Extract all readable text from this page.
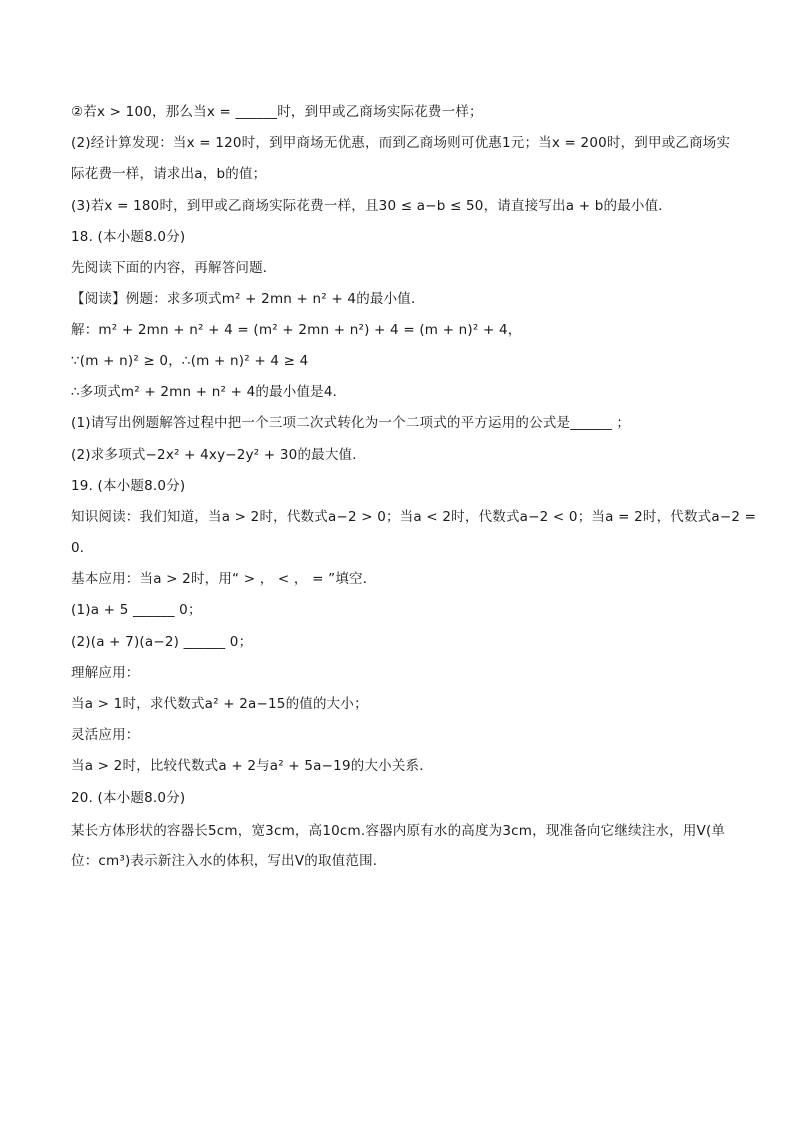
②若x > 100，那么当x = ______时，到甲或乙商场实际花费一样；
(2)经计算发现：当x = 120时，到甲商场无优惠，而到乙商场则可优惠1元；当x = 200时，到甲或乙商场实
际花费一样，请求出a，b的值；
(3)若x = 180时，到甲或乙商场实际花费一样，且30 ≤ a−b ≤ 50，请直接写出a + b的最小值．
18. (本小题8.0分)
先阅读下面的内容，再解答问题．
【阅读】例题：求多项式m² + 2mn + n² + 4的最小值．
解：m² + 2mn + n² + 4 = (m² + 2mn + n²) + 4 = (m + n)² + 4，
∵(m + n)² ≥ 0，∴(m + n)² + 4 ≥ 4
∴多项式m² + 2mn + n² + 4的最小值是4．
(1)请写出例题解答过程中把一个三项二次式转化为一个二项式的平方运用的公式是______ ；
(2)求多项式−2x² + 4xy−2y² + 30的最大值．
19. (本小题8.0分)
知识阅读：我们知道，当a > 2时，代数式a−2 > 0；当a < 2时，代数式a−2 < 0；当a = 2时，代数式a−2 =
0．
基本应用：当a > 2时，用“ > ， < ， = ”填空．
(1)a + 5 ______ 0；
(2)(a + 7)(a−2) ______ 0；
理解应用：
当a > 1时，求代数式a² + 2a−15的值的大小；
灵活应用：
当a > 2时，比较代数式a + 2与a² + 5a−19的大小关系．
20. (本小题8.0分)
某长方体形状的容器长5cm，宽3cm，高10cm.容器内原有水的高度为3cm，现准备向它继续注水，用V(单
位：cm³)表示新注入水的体积，写出V的取值范围．
